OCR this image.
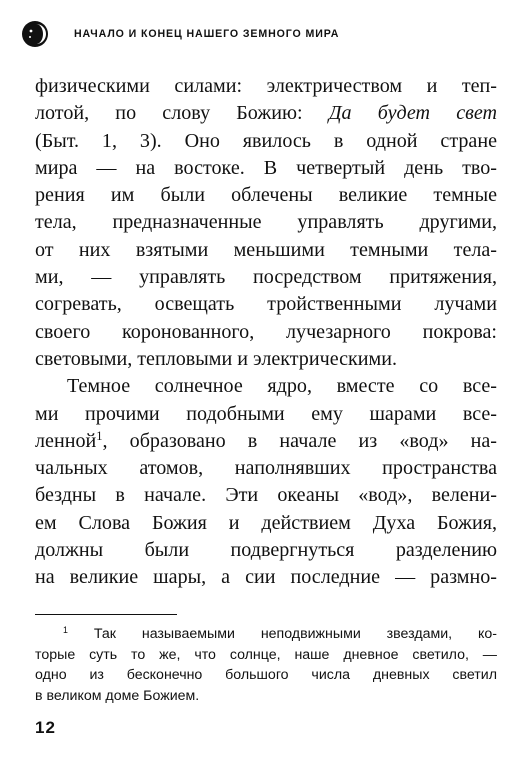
НАЧАЛО И КОНЕЦ НАШЕГО ЗЕМНОГО МИРА
физическими силами: электричеством и теп-
лотой, по слову Божию: Да будет свет
(Быт. 1, 3). Оно явилось в одной стране
мира — на востоке. В четвертый день тво-
рения им были облечены великие темные
тела, предназначенные управлять другими,
от них взятыми меньшими темными тела-
ми, — управлять посредством притяжения,
согревать, освещать тройственными лучами
своего коронованного, лучезарного покрова:
световыми, тепловыми и электрическими.
Темное солнечное ядро, вместе со все-
ми прочими подобными ему шарами все-
ленной$^1$, образовано в начале из «вод» на-
чальных атомов, наполнявших пространства
бездны в начале. Эти океаны «вод», велени-
ем Слова Божия и действием Духа Божия,
должны были подвергнуться разделению
на великие шары, а сии последние — размно-
$^1$ Так называемыми неподвижными звездами, ко-
торые суть то же, что солнце, наше дневное светило, —
одно из бесконечно большого числа дневных светил
в великом доме Божием.
12
